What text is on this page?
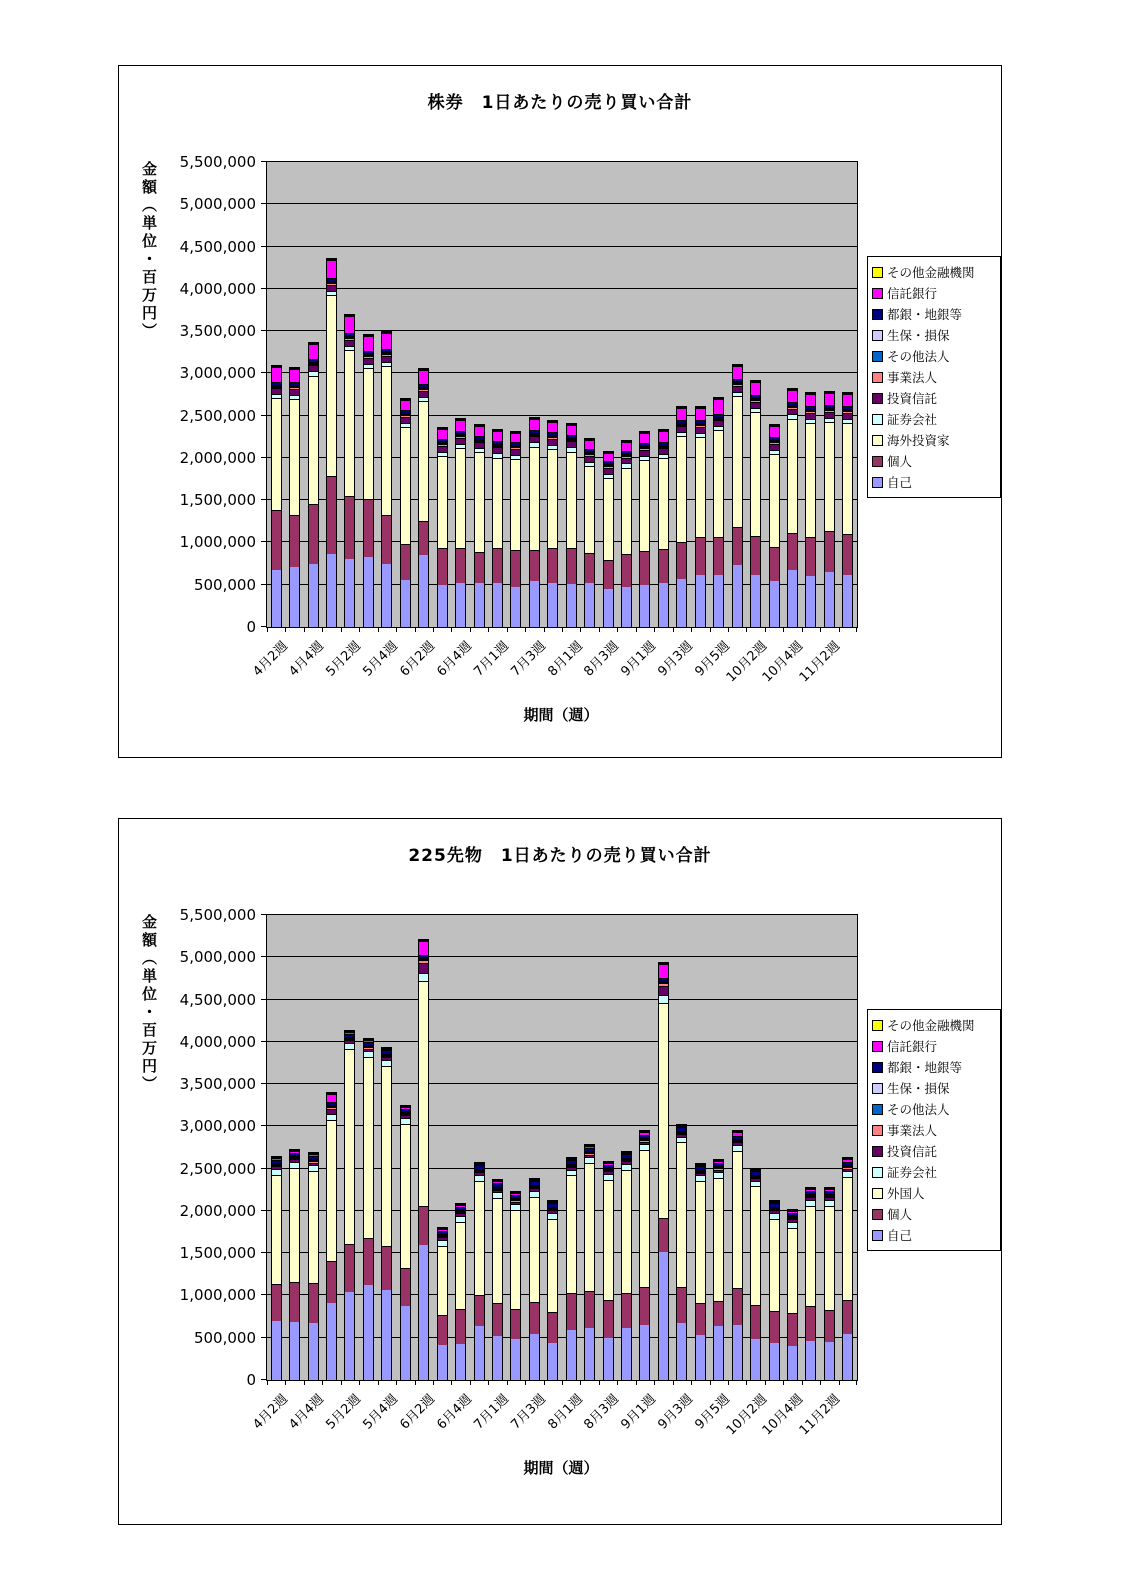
株券　1日あたりの売り買い合計
金額（単位・百万円）
0
500,000
1,000,000
1,500,000
2,000,000
2,500,000
3,000,000
3,500,000
4,000,000
4,500,000
5,000,000
5,500,000
4月2週
4月4週
5月2週
5月4週
6月2週
6月4週
7月1週
7月3週
8月1週
8月3週
9月1週
9月3週
9月5週
10月2週
10月4週
11月2週
期間（週）
その他金融機関
信託銀行
都銀・地銀等
生保・損保
その他法人
事業法人
投資信託
証券会社
海外投資家
個人
自己
225先物　1日あたりの売り買い合計
金額（単位・百万円）
0
500,000
1,000,000
1,500,000
2,000,000
2,500,000
3,000,000
3,500,000
4,000,000
4,500,000
5,000,000
5,500,000
4月2週
4月4週
5月2週
5月4週
6月2週
6月4週
7月1週
7月3週
8月1週
8月3週
9月1週
9月3週
9月5週
10月2週
10月4週
11月2週
期間（週）
その他金融機関
信託銀行
都銀・地銀等
生保・損保
その他法人
事業法人
投資信託
証券会社
外国人
個人
自己
